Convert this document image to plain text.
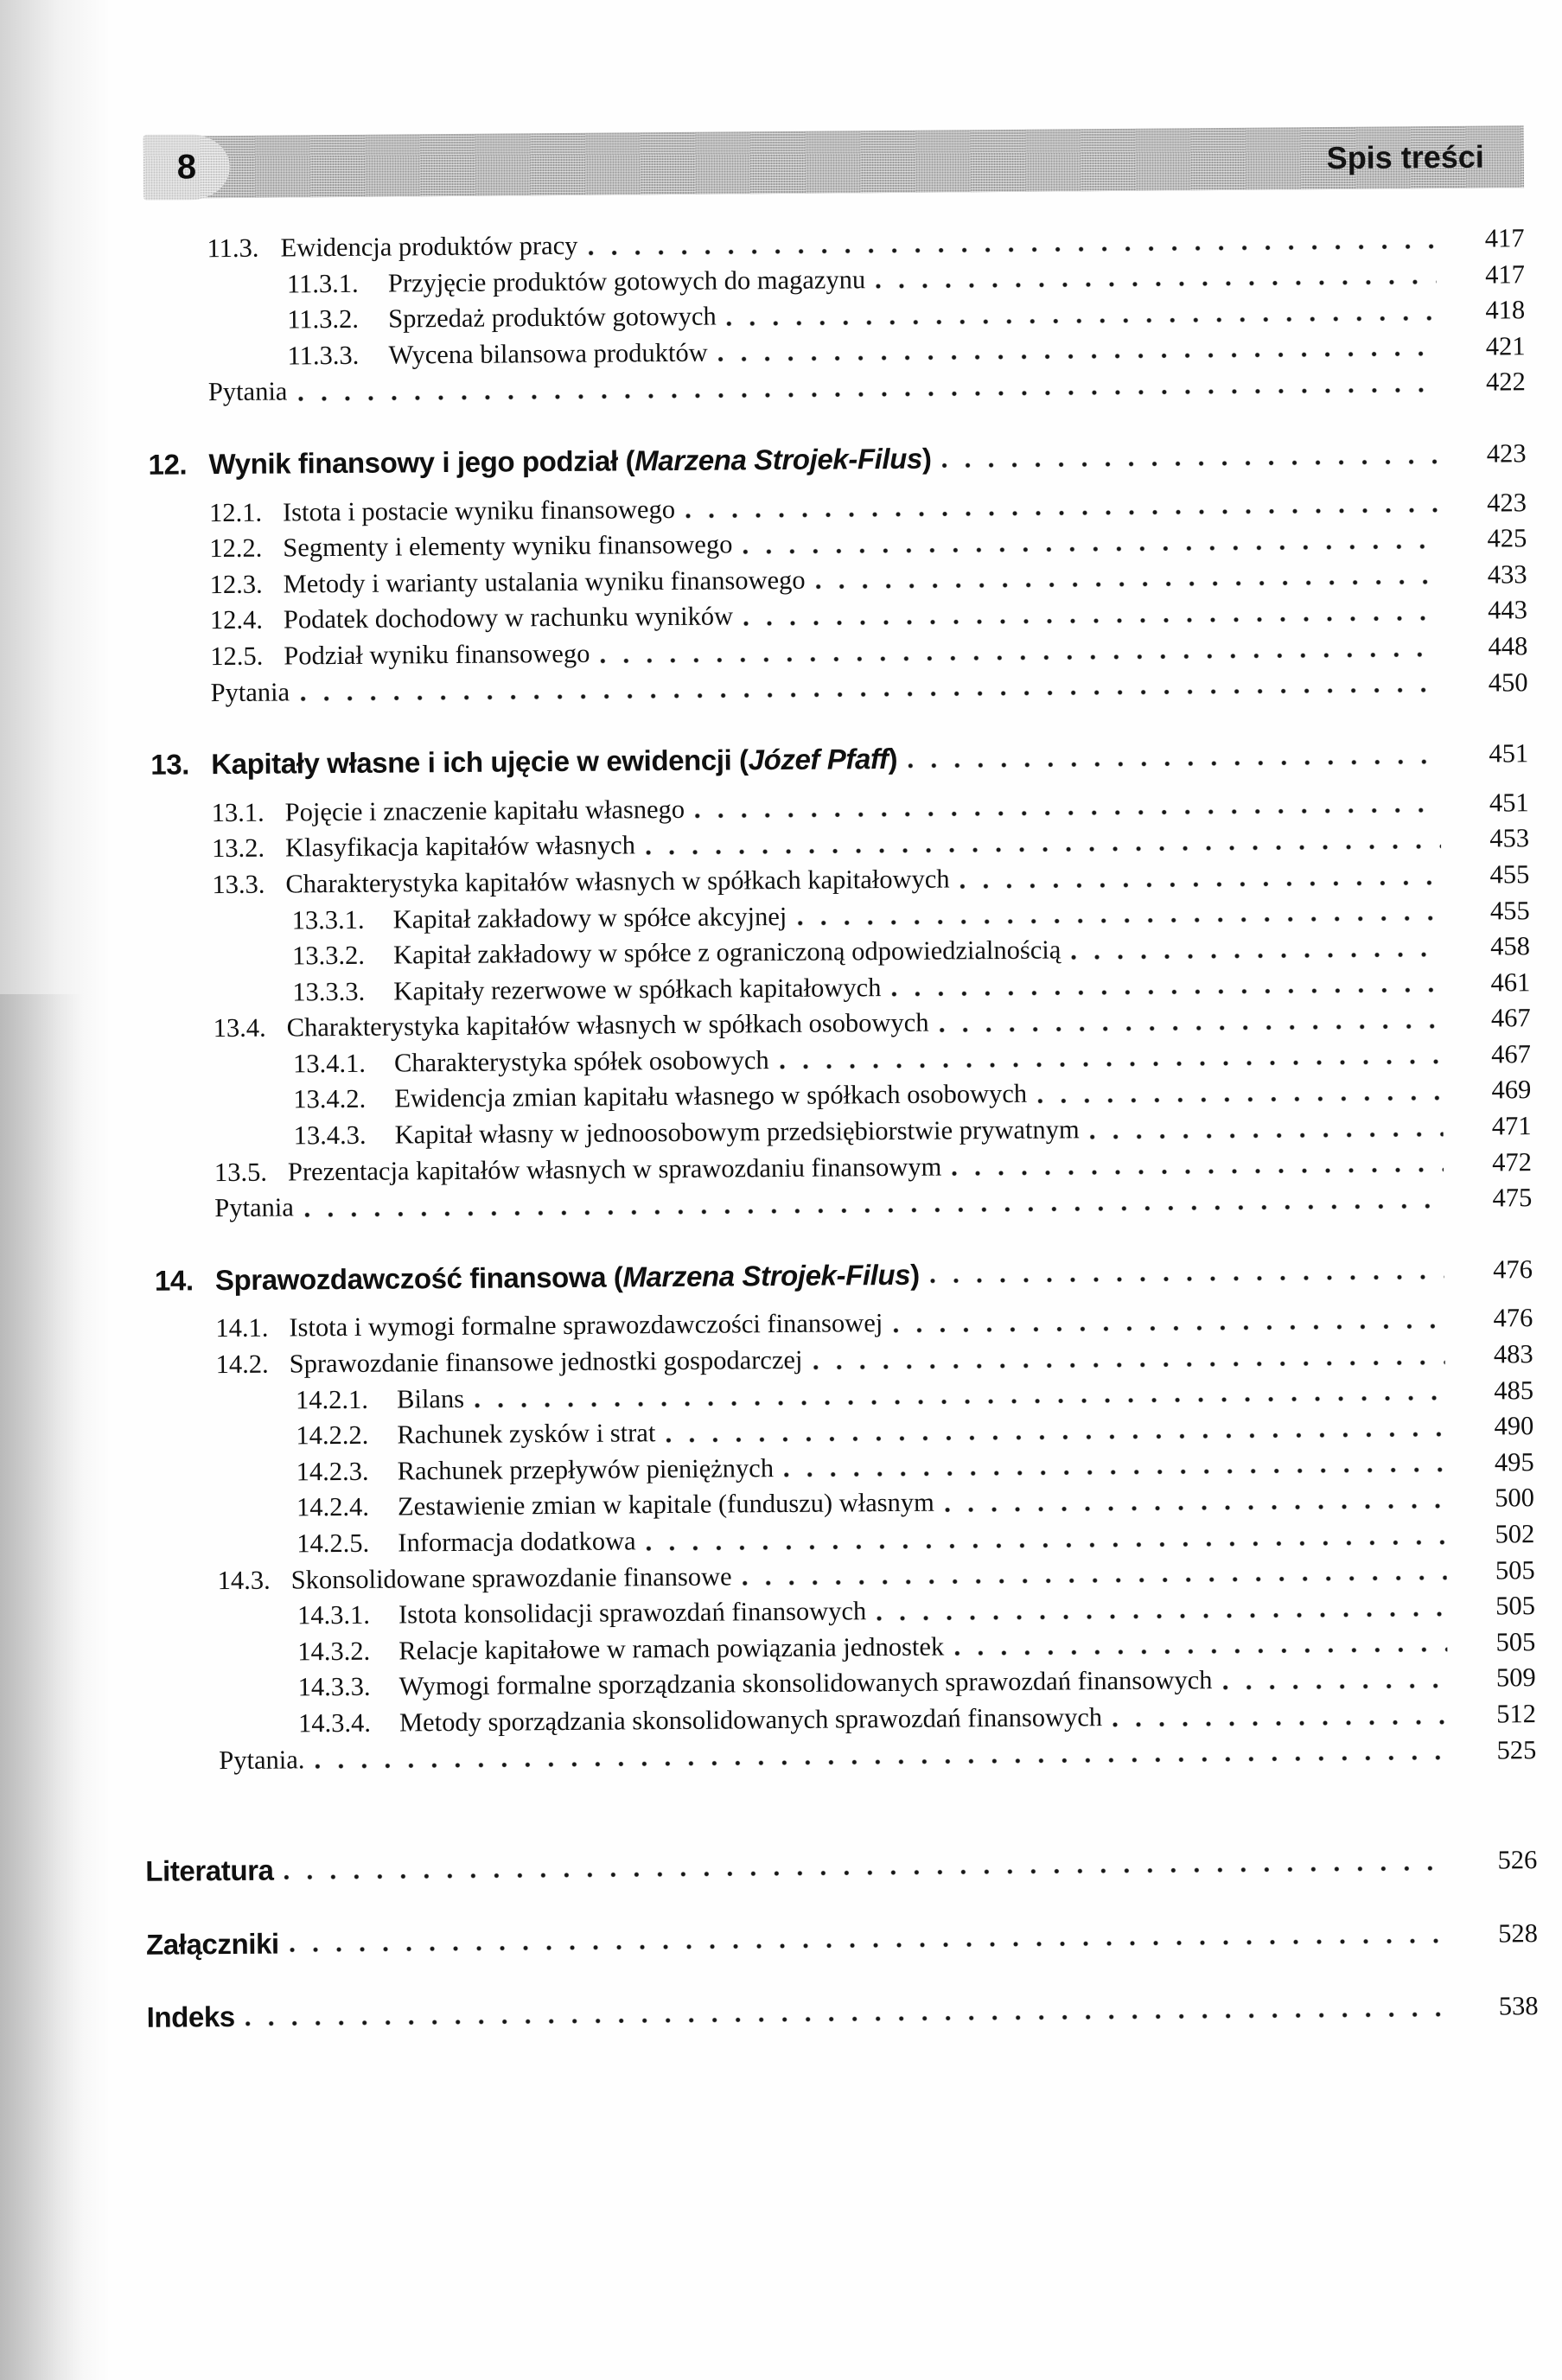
8	Spis treści
11.3. Ewidencja produktów pracy	417
11.3.1.	Przyjęcie produktów gotowych do magazynu	417
11.3.2.	Sprzedaż produktów gotowych	418
11.3.3.	Wycena bilansowa produktów	421
Pytania	422
12. Wynik finansowy i jego podział (Marzena Strojek-Filus)	423
12.1. Istota i postacie wyniku finansowego	423
12.2. Segmenty i elementy wyniku finansowego	425
12.3. Metody i warianty ustalania wyniku finansowego	433
12.4. Podatek dochodowy w rachunku wyników	443
12.5. Podział wyniku finansowego	448
Pytania	450
13. Kapitały własne i ich ujęcie w ewidencji (Józef Pfaff)	451
13.1. Pojęcie i znaczenie kapitału własnego	451
13.2. Klasyfikacja kapitałów własnych	453
13.3. Charakterystyka kapitałów własnych w spółkach kapitałowych	455
13.3.1.	Kapitał zakładowy w spółce akcyjnej	455
13.3.2.	Kapitał zakładowy w spółce z ograniczoną odpowiedzialnością	458
13.3.3.	Kapitały rezerwowe w spółkach kapitałowych	461
13.4. Charakterystyka kapitałów własnych w spółkach osobowych	467
13.4.1.	Charakterystyka spółek osobowych	467
13.4.2.	Ewidencja zmian kapitału własnego w spółkach osobowych	469
13.4.3.	Kapitał własny w jednoosobowym przedsiębiorstwie prywatnym	471
13.5. Prezentacja kapitałów własnych w sprawozdaniu finansowym	472
Pytania	475
14. Sprawozdawczość finansowa (Marzena Strojek-Filus)	476
14.1. Istota i wymogi formalne sprawozdawczości finansowej	476
14.2. Sprawozdanie finansowe jednostki gospodarczej	483
14.2.1.	Bilans	485
14.2.2.	Rachunek zysków i strat	490
14.2.3.	Rachunek przepływów pieniężnych	495
14.2.4.	Zestawienie zmian w kapitale (funduszu) własnym	500
14.2.5.	Informacja dodatkowa	502
14.3. Skonsolidowane sprawozdanie finansowe	505
14.3.1.	Istota konsolidacji sprawozdań finansowych	505
14.3.2.	Relacje kapitałowe w ramach powiązania jednostek	505
14.3.3.	Wymogi formalne sporządzania skonsolidowanych sprawozdań finansowych	509
14.3.4.	Metody sporządzania skonsolidowanych sprawozdań finansowych	512
Pytania.	525
Literatura	526
Załączniki	528
Indeks	538
